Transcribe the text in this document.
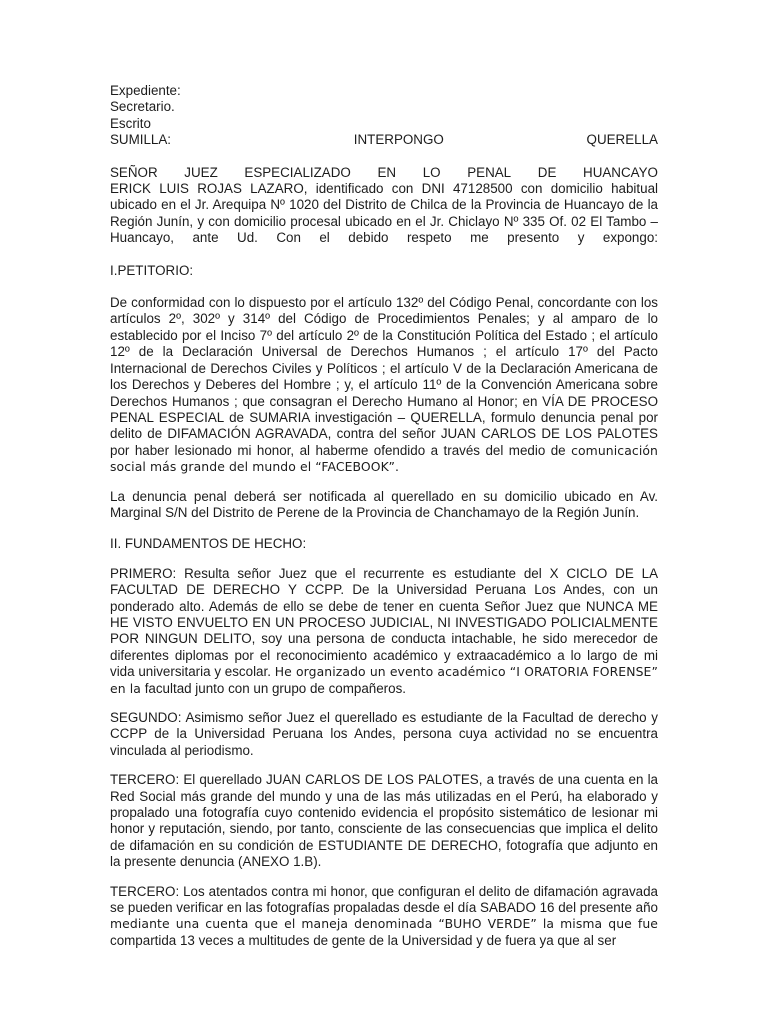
Expediente:
Secretario.
Escrito
SUMILLA:	INTERPONGO	QUERELLA
SEÑOR JUEZ ESPECIALIZADO EN LO PENAL DE HUANCAYO

ERICK LUIS ROJAS LAZARO, identificado con DNI 47128500 con domicilio habitual ubicado en el Jr. Arequipa Nº 1020 del Distrito de Chilca de la Provincia de Huancayo de la Región Junín, y con domicilio procesal ubicado en el Jr. Chiclayo Nº 335 Of. 02 El Tambo – Huancayo, ante Ud. Con el debido respeto me presento y expongo:

I.PETITORIO:

De conformidad con lo dispuesto por el artículo 132º del Código Penal, concordante con los artículos 2º, 302º y 314º del Código de Procedimientos Penales; y al amparo de lo establecido por el Inciso 7º del artículo 2º de la Constitución Política del Estado ; el artículo 12º de la Declaración Universal de Derechos Humanos ; el artículo 17º del Pacto Internacional de Derechos Civiles y Políticos ; el artículo V de la Declaración Americana de los Derechos y Deberes del Hombre ; y, el artículo 11º de la Convención Americana sobre Derechos Humanos ; que consagran el Derecho Humano al Honor; en VÍA DE PROCESO PENAL ESPECIAL de SUMARIA investigación – QUERELLA, formulo denuncia penal por delito de DIFAMACIÓN AGRAVADA, contra del señor JUAN CARLOS DE LOS PALOTES por haber lesionado mi honor, al haberme ofendido a través del medio de comunicación social más grande del mundo el “FACEBOOK”.

La denuncia penal deberá ser notificada al querellado en su domicilio ubicado en Av. Marginal S/N del Distrito de Perene de la Provincia de Chanchamayo de la Región Junín.

II. FUNDAMENTOS DE HECHO:

PRIMERO: Resulta señor Juez que el recurrente es estudiante del X CICLO DE LA FACULTAD DE DERECHO Y CCPP. De la Universidad Peruana Los Andes, con un ponderado alto. Además de ello se debe de tener en cuenta Señor Juez que NUNCA ME HE VISTO ENVUELTO EN UN PROCESO JUDICIAL, NI INVESTIGADO POLICIALMENTE POR NINGUN DELITO, soy una persona de conducta intachable, he sido merecedor de diferentes diplomas por el reconocimiento académico y extraacadémico a lo largo de mi vida universitaria y escolar. He organizado un evento académico “I ORATORIA FORENSE” en la facultad junto con un grupo de compañeros.

SEGUNDO: Asimismo señor Juez el querellado es estudiante de la Facultad de derecho y CCPP de la Universidad Peruana los Andes, persona cuya actividad no se encuentra vinculada al periodismo.

TERCERO: El querellado JUAN CARLOS DE LOS PALOTES, a través de una cuenta en la Red Social más grande del mundo y una de las más utilizadas en el Perú, ha elaborado y propalado una fotografía cuyo contenido evidencia el propósito sistemático de lesionar mi honor y reputación, siendo, por tanto, consciente de las consecuencias que implica el delito de difamación en su condición de ESTUDIANTE DE DERECHO, fotografía que adjunto en la presente denuncia (ANEXO 1.B).

TERCERO: Los atentados contra mi honor, que configuran el delito de difamación agravada se pueden verificar en las fotografías propaladas desde el día SABADO 16 del presente año mediante una cuenta que el maneja denominada “BUHO VERDE” la misma que fue compartida 13 veces a multitudes de gente de la Universidad y de fuera ya que al ser
